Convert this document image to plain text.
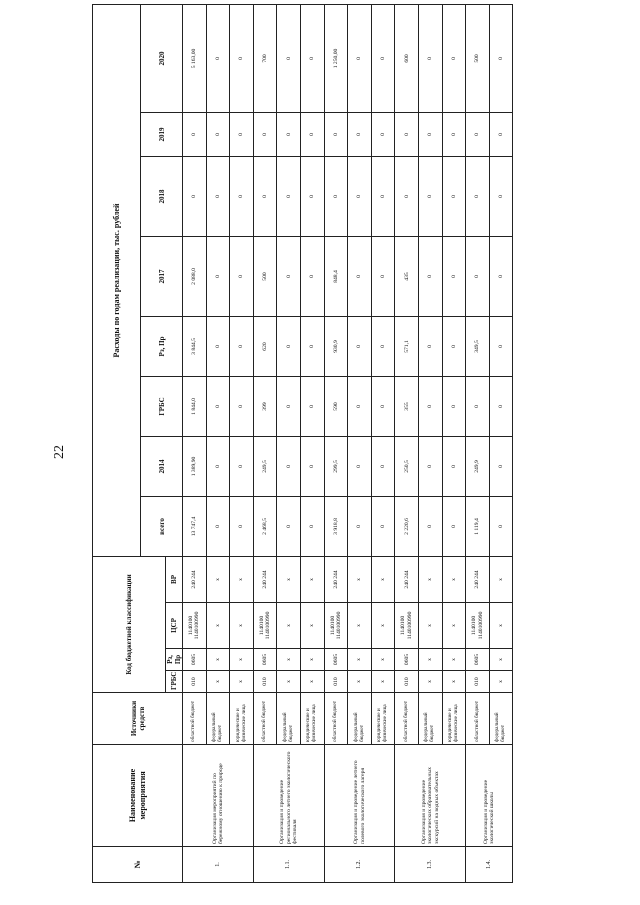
22
№	Наименование мероприятия	Источники средств	Код бюджетной классификации				Расходы по годам реализации, тыс. рублей							
							всего	2014	ГРБС	Рз, Пр	2017	2018	2019	2020
			ГРБС	Рз, Пр	ЦСР	ВР								
1.	Организация мероприятий по бережному отношению к природе	областной бюджет	010	0605	1140100 1140100990	240 244	13 747,4	1 389,90	1 844,0	3 844,5	2 088,0	0	0	5 163,00
		федеральный бюджет	х	х	х	х	0	0	0	0	0	0	0	0
		юридические и физические лица	х	х	х	х	0	0	0	0	0	0	0	0
1.1.	Организация и проведение регионального летнего экологического фестиваля	областной бюджет	010	0605	1140100 1140100990	240 244	2 468,5	249,5	399	620	500	0	0	700
		федеральный бюджет	х	х	х	х	0	0	0	0	0	0	0	0
		юридические и физические лица	х	х	х	х	0	0	0	0	0	0	0	0
1.2.	Организация и проведение летнего полевого экологического лагеря	областной бюджет	010	0605	1140100 1140100990	240 244	3 918,8	299,5	590	930,9	848,4	0	0	1 250,00
		федеральный бюджет	х	х	х	х	0	0	0	0	0	0	0	0
		юридические и физические лица	х	х	х	х	0	0	0	0	0	0	0	0
1.3.	Организация и проведение экологических образовательных экскурсий на водных объектах	областной бюджет	010	0605	1140100 1140100990	240 244	2 220,6	250,5	355	571,1	435	0	0	600
		федеральный бюджет	х	х	х	х	0	0	0	0	0	0	0	0
		юридические и физические лица	х	х	х	х	0	0	0	0	0	0	0	0
1.4.	Организация и проведение экологической школы	областной бюджет	010	0605	1140100 1140100990	240 244	1 119,4	249,9	0	349,5	0	0	0	500
		федеральный бюджет	х	х	х	х	0	0	0	0	0	0	0	0
